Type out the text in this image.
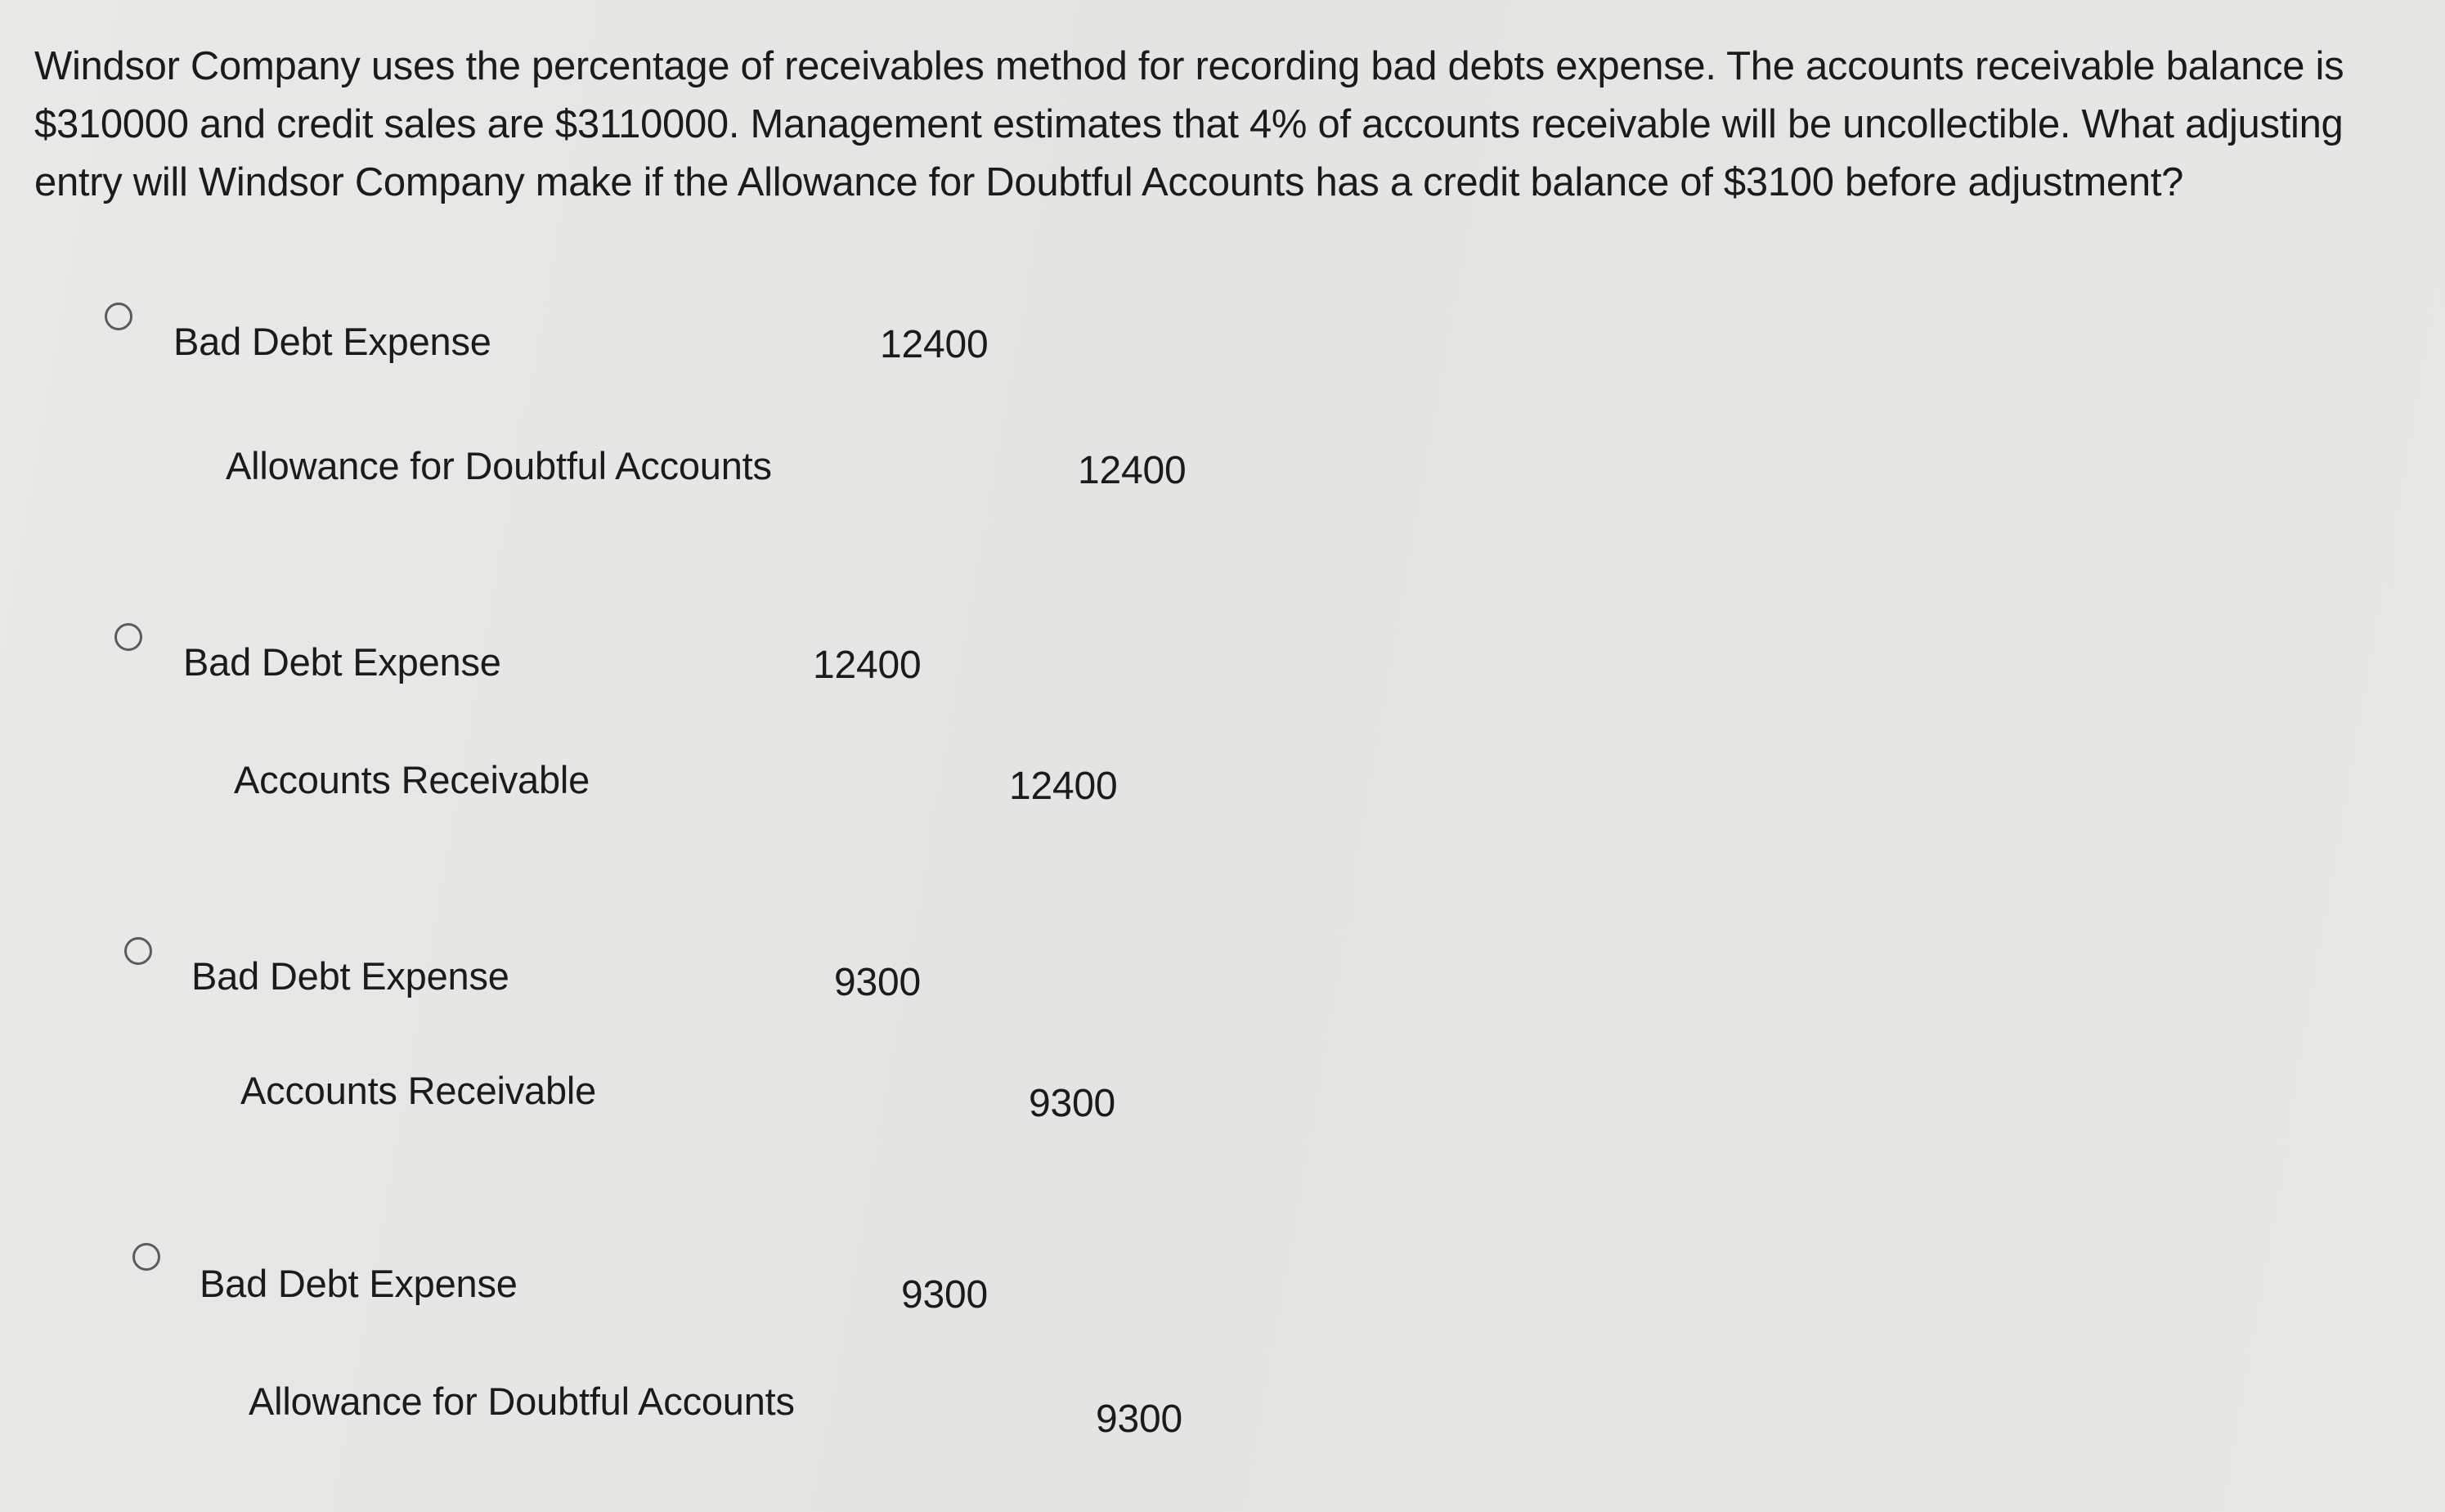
Windsor Company uses the percentage of receivables method for recording bad debts expense. The accounts receivable balance is $310000 and credit sales are $3110000. Management estimates that 4% of accounts receivable will be uncollectible. What adjusting entry will Windsor Company make if the Allowance for Doubtful Accounts has a credit balance of $3100 before adjustment?

Bad Debt Expense	12400
Allowance for Doubtful Accounts	12400
Bad Debt Expense	12400
Accounts Receivable	12400
Bad Debt Expense	9300
Accounts Receivable	9300
Bad Debt Expense	9300
Allowance for Doubtful Accounts	9300
